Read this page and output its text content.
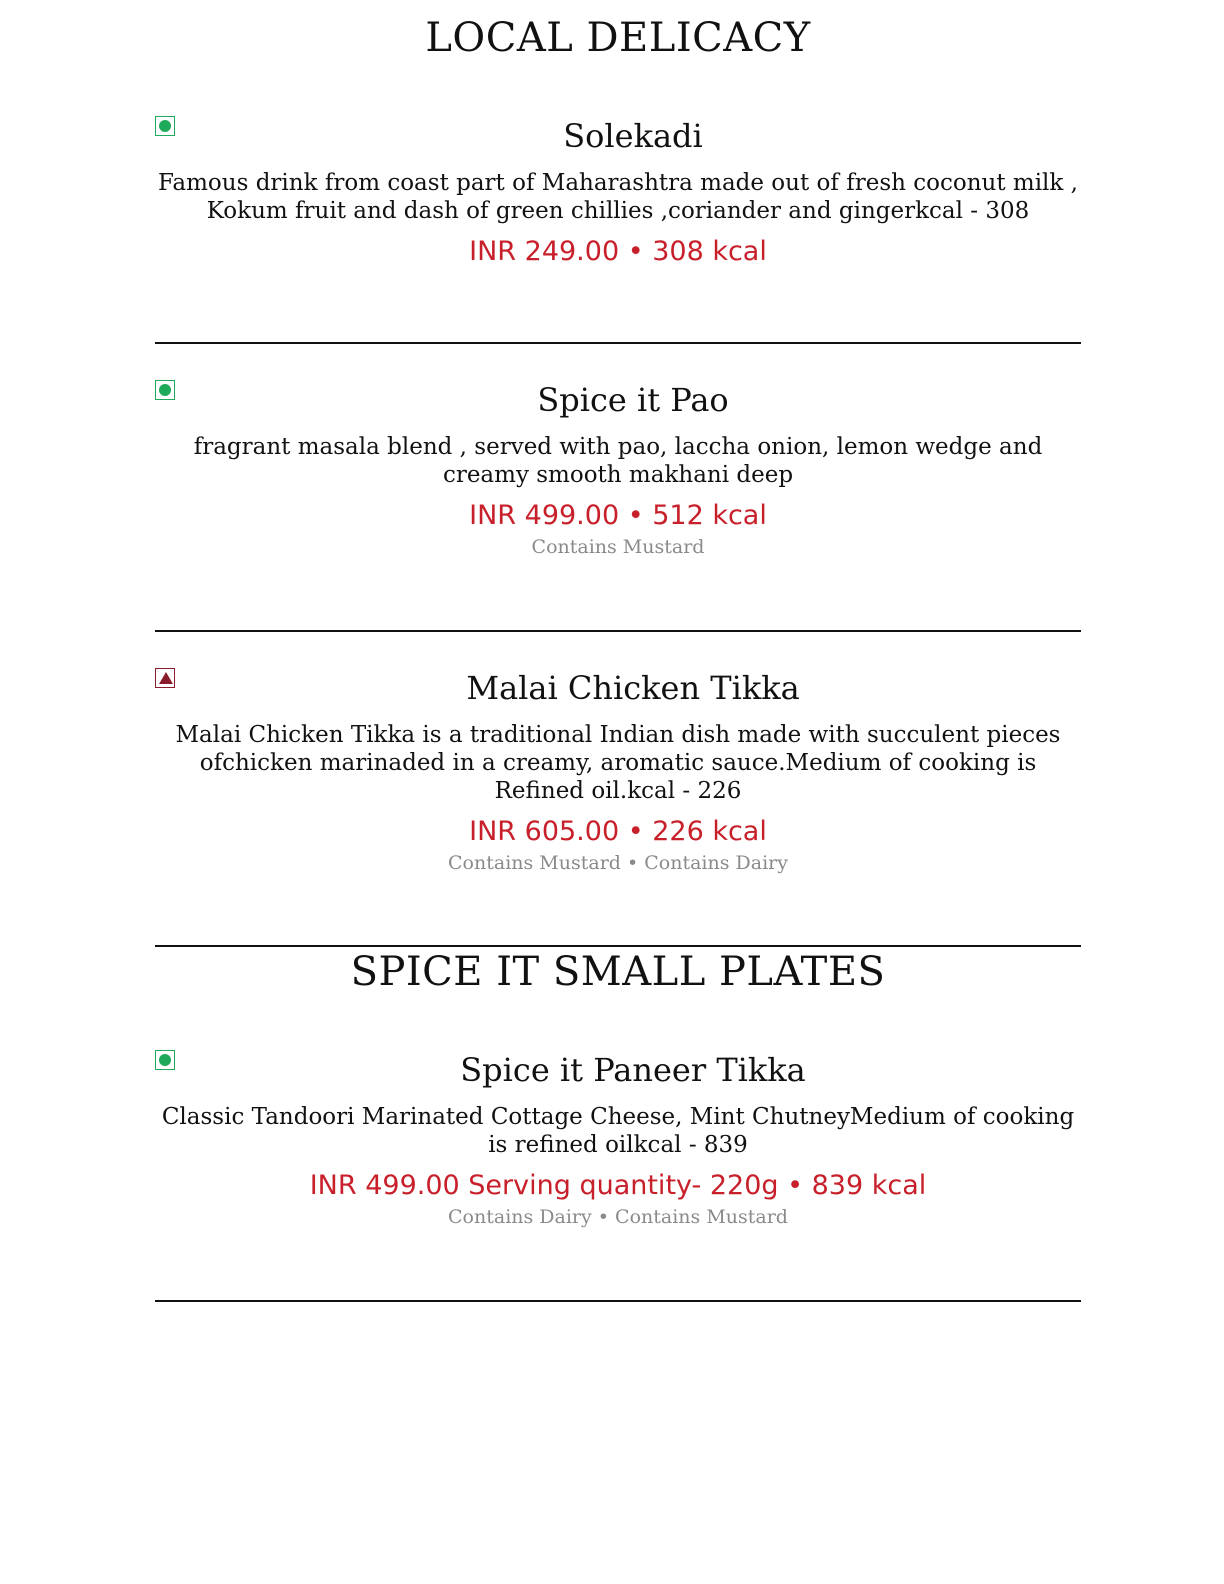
LOCAL DELICACY
Solekadi
Famous drink from coast part of Maharashtra made out of fresh coconut milk , Kokum fruit and dash of green chillies ,coriander and gingerkcal - 308
INR 249.00 • 308 kcal
Spice it Pao
fragrant masala blend , served with pao, laccha onion, lemon wedge and creamy smooth makhani deep
INR 499.00 • 512 kcal
Contains Mustard
Malai Chicken Tikka
Malai Chicken Tikka is a traditional Indian dish made with succulent pieces ofchicken marinaded in a creamy, aromatic sauce.Medium of cooking is Refined oil.kcal - 226
INR 605.00 • 226 kcal
Contains Mustard • Contains Dairy
SPICE IT SMALL PLATES
Spice it Paneer Tikka
Classic Tandoori Marinated Cottage Cheese, Mint ChutneyMedium of cooking is refined oilkcal - 839
INR 499.00 Serving quantity- 220g • 839 kcal
Contains Dairy • Contains Mustard
